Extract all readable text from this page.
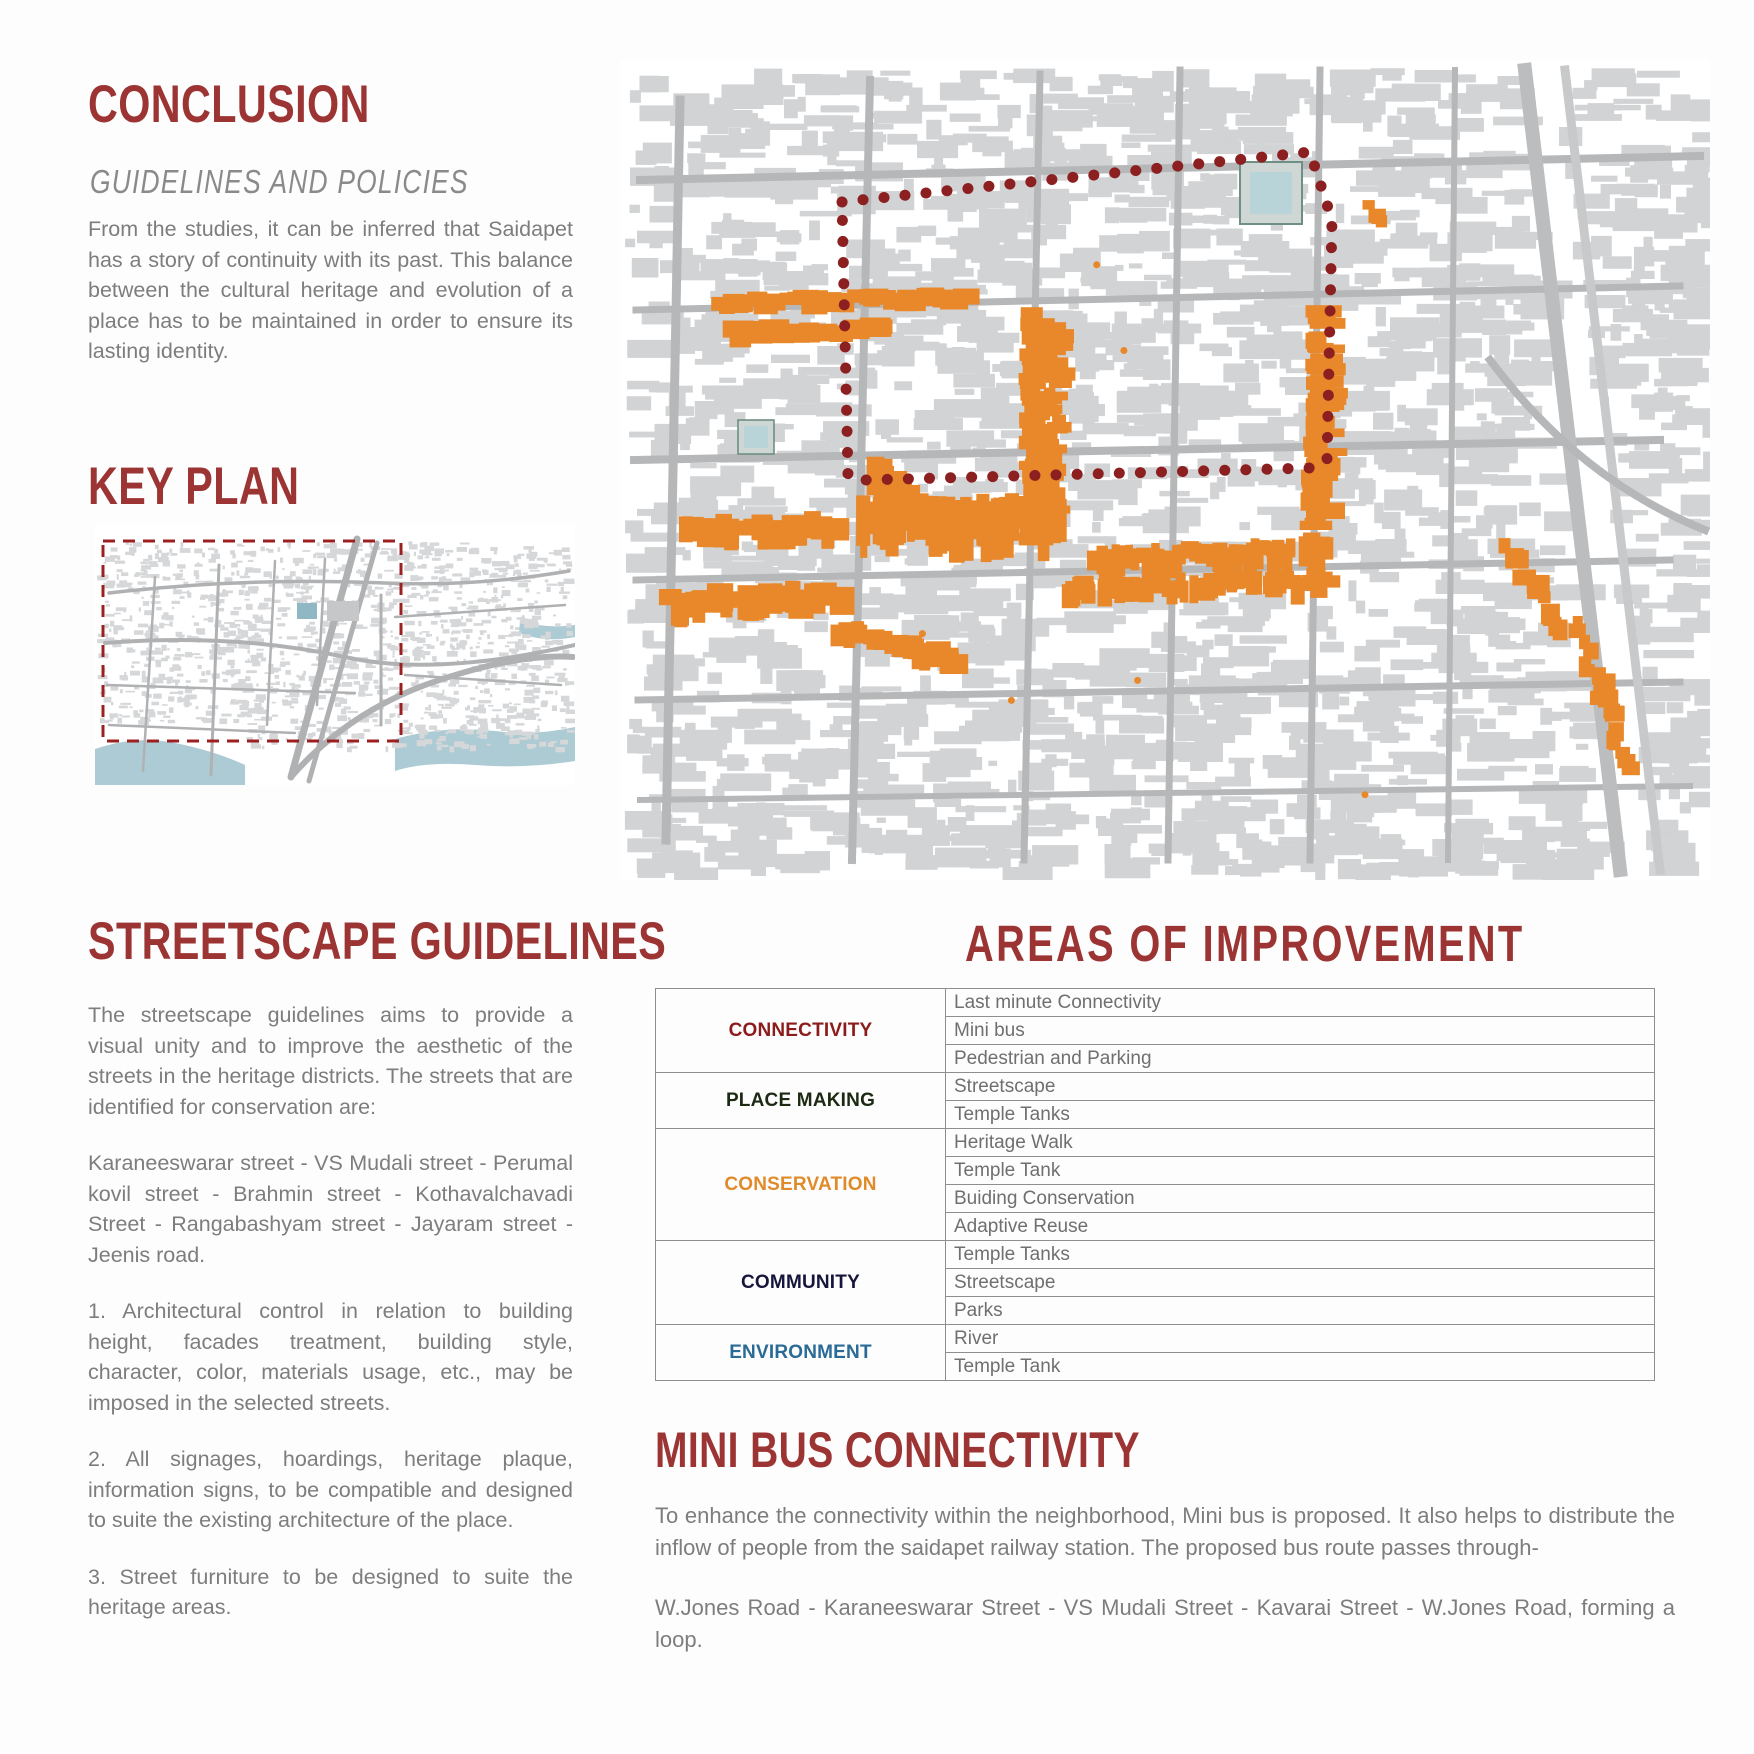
CONCLUSION
GUIDELINES AND POLICIES
From the studies, it can be inferred that Saidapet has a story of continuity with its past. This balance between the cultural heritage and evolution of a place has to be maintained in order to ensure its lasting identity.
KEY PLAN
STREETSCAPE GUIDELINES

The streetscape guidelines aims to provide a visual unity and to improve the aesthetic of the streets in the heritage districts. The streets that are identified for conservation are:

Karaneeswarar street - VS Mudali street - Perumal kovil street - Brahmin street - Kothavalchavadi Street - Rangabashyam street - Jayaram street - Jeenis road.

1. Architectural control in relation to building height, facades treatment, building style, character, color, materials usage, etc., may be imposed in the selected streets.

2. All signages, hoardings, heritage plaque, information signs, to be compatible and designed to suite the existing architecture of the place.

3. Street furniture to be designed to suite the heritage areas.

AREAS OF IMPROVEMENT
CONNECTIVITY	Last minute Connectivity
	Mini bus
	Pedestrian and Parking
PLACE MAKING	Streetscape
	Temple Tanks
CONSERVATION	Heritage Walk
	Temple Tank
	Buiding Conservation
	Adaptive Reuse
COMMUNITY	Temple Tanks
	Streetscape
	Parks
ENVIRONMENT	River
	Temple Tank
MINI BUS CONNECTIVITY

To enhance the connectivity within the neighborhood, Mini bus is proposed. It also helps to distribute the inflow of people from the saidapet railway station. The proposed bus route passes through-

W.Jones Road - Karaneeswarar Street - VS Mudali Street - Kavarai Street - W.Jones Road, forming a loop.
